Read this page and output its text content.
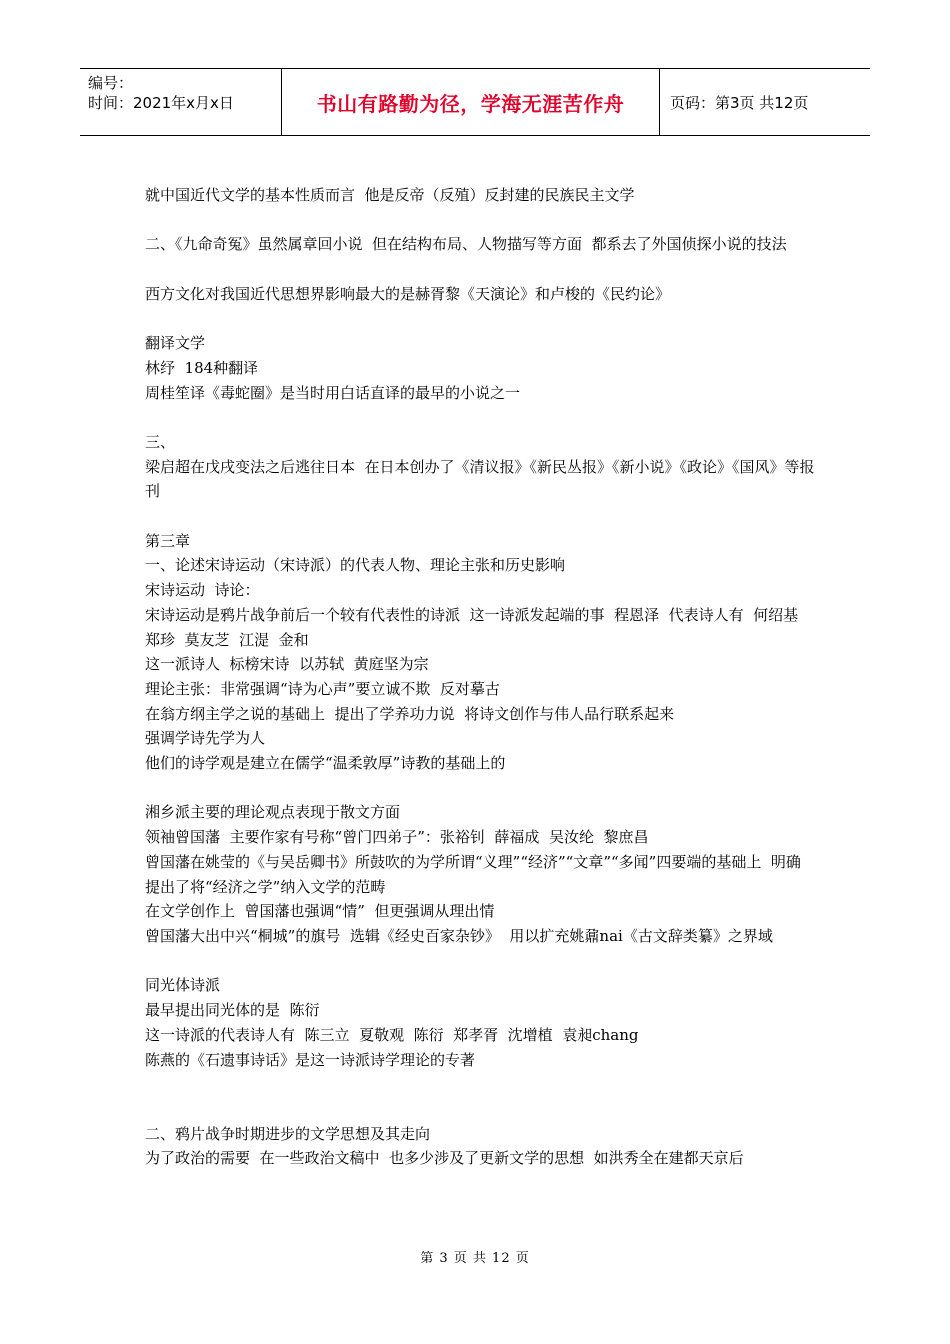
编号：
时间：2021年x月x日	书山有路勤为径，学海无涯苦作舟	页码：第3页 共12页

就中国近代文学的基本性质而言  他是反帝（反殖）反封建的民族民主文学

二、《九命奇冤》虽然属章回小说  但在结构布局、人物描写等方面  都系去了外国侦探小说的技法

西方文化对我国近代思想界影响最大的是赫胥黎《天演论》和卢梭的《民约论》

翻译文学

林纾  184种翻译

周桂笙译《毒蛇圈》是当时用白话直译的最早的小说之一

三、

梁启超在戊戌变法之后逃往日本  在日本创办了《清议报》《新民丛报》《新小说》《政论》《国风》等报刊

第三章

一、论述宋诗运动（宋诗派）的代表人物、理论主张和历史影响

宋诗运动  诗论：

宋诗运动是鸦片战争前后一个较有代表性的诗派  这一诗派发起端的事  程恩泽  代表诗人有  何绍基  郑珍  莫友芝  江湜  金和

这一派诗人  标榜宋诗  以苏轼  黄庭坚为宗

理论主张：非常强调“诗为心声”要立诚不欺  反对摹古

在翁方纲主学之说的基础上  提出了学养功力说  将诗文创作与伟人品行联系起来

强调学诗先学为人

他们的诗学观是建立在儒学“温柔敦厚”诗教的基础上的

湘乡派主要的理论观点表现于散文方面

领袖曾国藩  主要作家有号称“曾门四弟子”：张裕钊  薛福成  吴汝纶  黎庶昌

曾国藩在姚莹的《与吴岳卿书》所鼓吹的为学所谓“义理”“经济”“文章”“多闻”四要端的基础上  明确提出了将“经济之学”纳入文学的范畴

在文学创作上  曾国藩也强调“情”  但更强调从理出情

曾国藩大出中兴“桐城”的旗号  选辑《经史百家杂钞》  用以扩充姚鼐nai《古文辞类纂》之界域

同光体诗派

最早提出同光体的是  陈衍

这一诗派的代表诗人有  陈三立  夏敬观  陈衍  郑孝胥  沈增植  袁昶chang

陈燕的《石遗事诗话》是这一诗派诗学理论的专著

二、鸦片战争时期进步的文学思想及其走向

为了政治的需要  在一些政治文稿中  也多少涉及了更新文学的思想  如洪秀全在建都天京后

第 3 页 共 12 页
